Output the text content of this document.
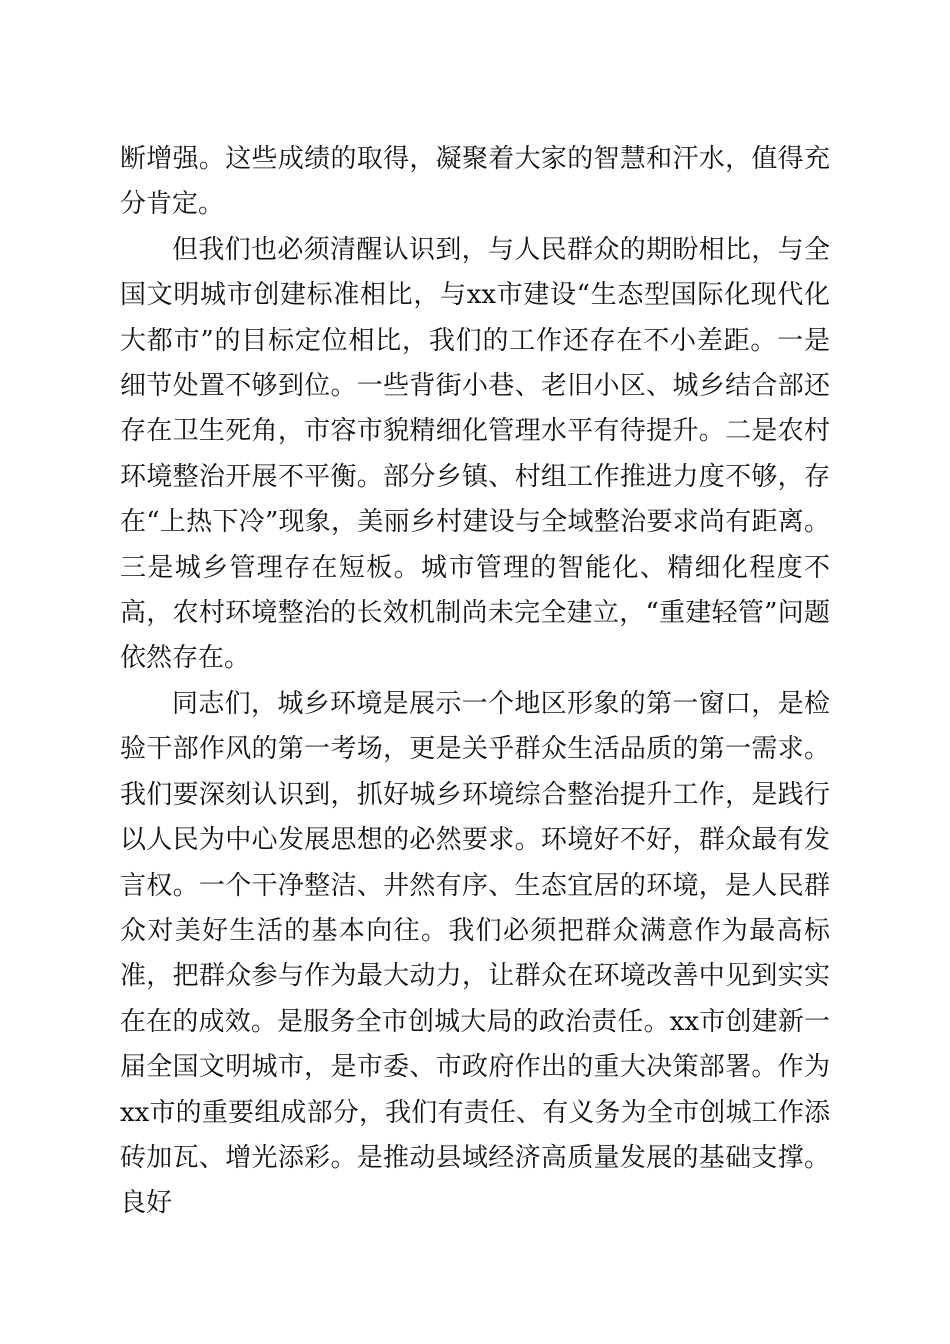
断增强。这些成绩的取得，凝聚着大家的智慧和汗水，值得充分肯定。

但我们也必须清醒认识到，与人民群众的期盼相比，与全国文明城市创建标准相比，与xx市建设“生态型国际化现代化大都市”的目标定位相比，我们的工作还存在不小差距。一是细节处置不够到位。一些背街小巷、老旧小区、城乡结合部还存在卫生死角，市容市貌精细化管理水平有待提升。二是农村环境整治开展不平衡。部分乡镇、村组工作推进力度不够，存在“上热下冷”现象，美丽乡村建设与全域整治要求尚有距离。三是城乡管理存在短板。城市管理的智能化、精细化程度不高，农村环境整治的长效机制尚未完全建立，“重建轻管”问题依然存在。

同志们，城乡环境是展示一个地区形象的第一窗口，是检验干部作风的第一考场，更是关乎群众生活品质的第一需求。我们要深刻认识到，抓好城乡环境综合整治提升工作，是践行以人民为中心发展思想的必然要求。环境好不好，群众最有发言权。一个干净整洁、井然有序、生态宜居的环境，是人民群众对美好生活的基本向往。我们必须把群众满意作为最高标准，把群众参与作为最大动力，让群众在环境改善中见到实实在在的成效。是服务全市创城大局的政治责任。xx市创建新一届全国文明城市，是市委、市政府作出的重大决策部署。作为xx市的重要组成部分，我们有责任、有义务为全市创城工作添砖加瓦、增光添彩。是推动县域经济高质量发展的基础支撑。良好
